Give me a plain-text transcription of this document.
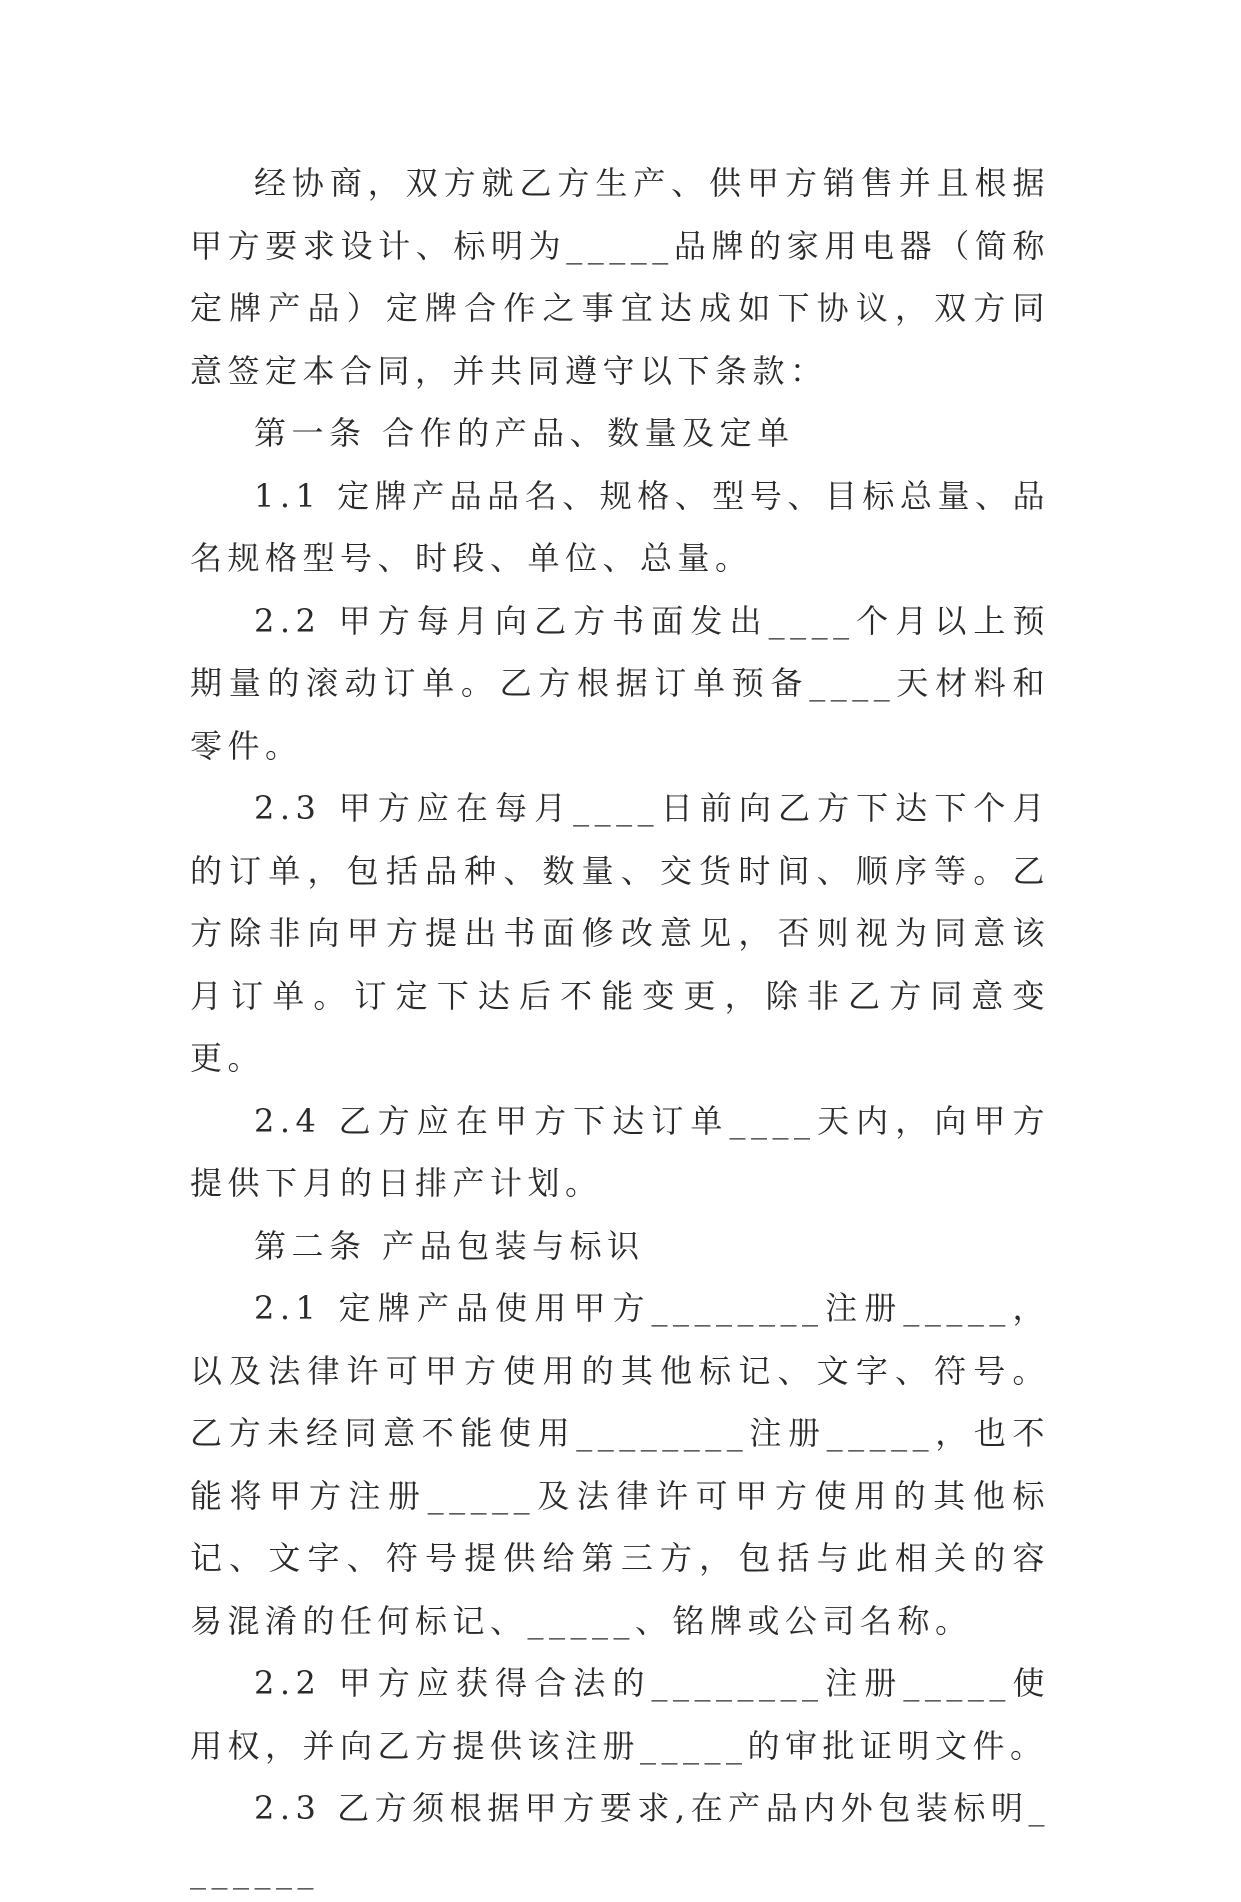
经协商，双方就乙方生产、供甲方销售并且根据甲方要求设计、标明为_____品牌的家用电器（简称定牌产品）定牌合作之事宜达成如下协议，双方同意签定本合同，并共同遵守以下条款：

第一条 合作的产品、数量及定单

1.1 定牌产品品名、规格、型号、目标总量、品名规格型号、时段、单位、总量。

2.2 甲方每月向乙方书面发出____个月以上预期量的滚动订单。乙方根据订单预备____天材料和零件。

2.3 甲方应在每月____日前向乙方下达下个月的订单，包括品种、数量、交货时间、顺序等。乙方除非向甲方提出书面修改意见，否则视为同意该月订单。订定下达后不能变更，除非乙方同意变更。

2.4 乙方应在甲方下达订单____天内，向甲方提供下月的日排产计划。

第二条 产品包装与标识

2.1 定牌产品使用甲方________注册_____，以及法律许可甲方使用的其他标记、文字、符号。乙方未经同意不能使用________注册_____，也不能将甲方注册_____及法律许可甲方使用的其他标记、文字、符号提供给第三方，包括与此相关的容易混淆的任何标记、_____、铭牌或公司名称。

2.2 甲方应获得合法的________注册_____使用权，并向乙方提供该注册_____的审批证明文件。

2.3 乙方须根据甲方要求,在产品内外包装标明_______
